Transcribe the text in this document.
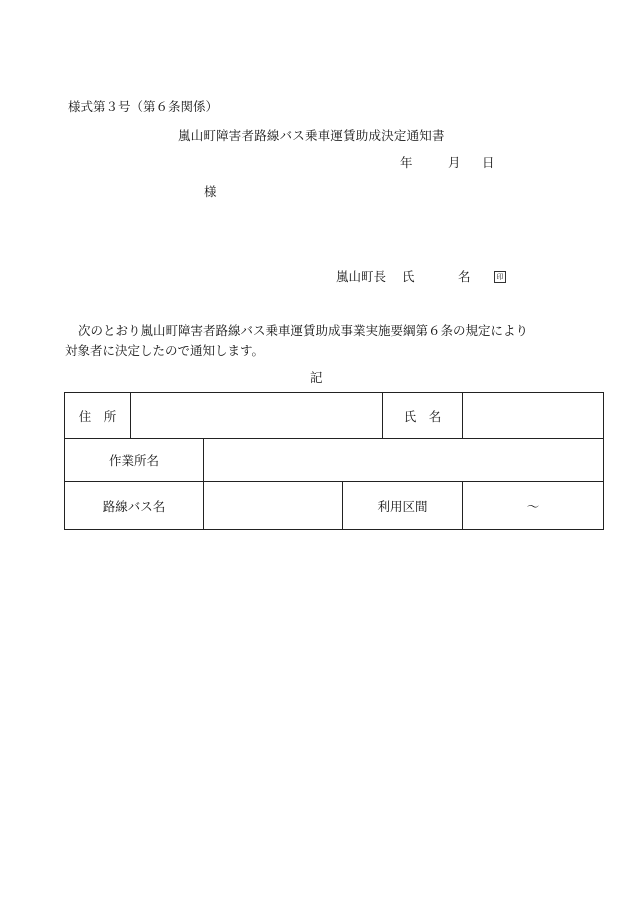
様式第３号（第６条関係）
嵐山町障害者路線バス乗車運賃助成決定通知書
年	月 日
様
嵐山町長 氏	名	印
次のとおり嵐山町障害者路線バス乗車運賃助成事業実施要綱第６条の規定により
対象者に決定したので通知します。
記
住　所				氏　名	
作業所名					
路線バス名			利用区間		～
